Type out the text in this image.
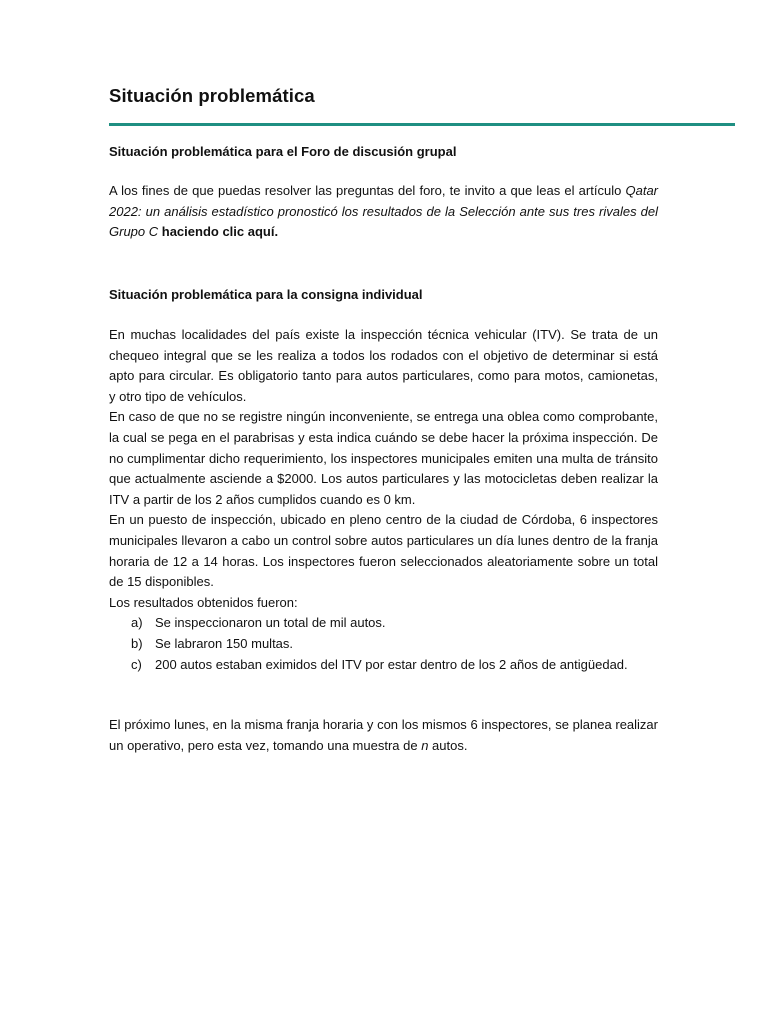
Situación problemática
Situación problemática para el Foro de discusión grupal
A los fines de que puedas resolver las preguntas del foro, te invito a que leas el artículo Qatar 2022: un análisis estadístico pronosticó los resultados de la Selección ante sus tres rivales del Grupo C haciendo clic aquí.
Situación problemática para la consigna individual

En muchas localidades del país existe la inspección técnica vehicular (ITV). Se trata de un chequeo integral que se les realiza a todos los rodados con el objetivo de determinar si está apto para circular. Es obligatorio tanto para autos particulares, como para motos, camionetas, y otro tipo de vehículos.

En caso de que no se registre ningún inconveniente, se entrega una oblea como comprobante, la cual se pega en el parabrisas y esta indica cuándo se debe hacer la próxima inspección. De no cumplimentar dicho requerimiento, los inspectores municipales emiten una multa de tránsito que actualmente asciende a $2000. Los autos particulares y las motocicletas deben realizar la ITV a partir de los 2 años cumplidos cuando es 0 km.

En un puesto de inspección, ubicado en pleno centro de la ciudad de Córdoba, 6 inspectores municipales llevaron a cabo un control sobre autos particulares un día lunes dentro de la franja horaria de 12 a 14 horas. Los inspectores fueron seleccionados aleatoriamente sobre un total de 15 disponibles.

Los resultados obtenidos fueron:

a) Se inspeccionaron un total de mil autos.
b) Se labraron 150 multas.
c) 200 autos estaban eximidos del ITV por estar dentro de los 2 años de antigüedad.

El próximo lunes, en la misma franja horaria y con los mismos 6 inspectores, se planea realizar un operativo, pero esta vez, tomando una muestra de n autos.
